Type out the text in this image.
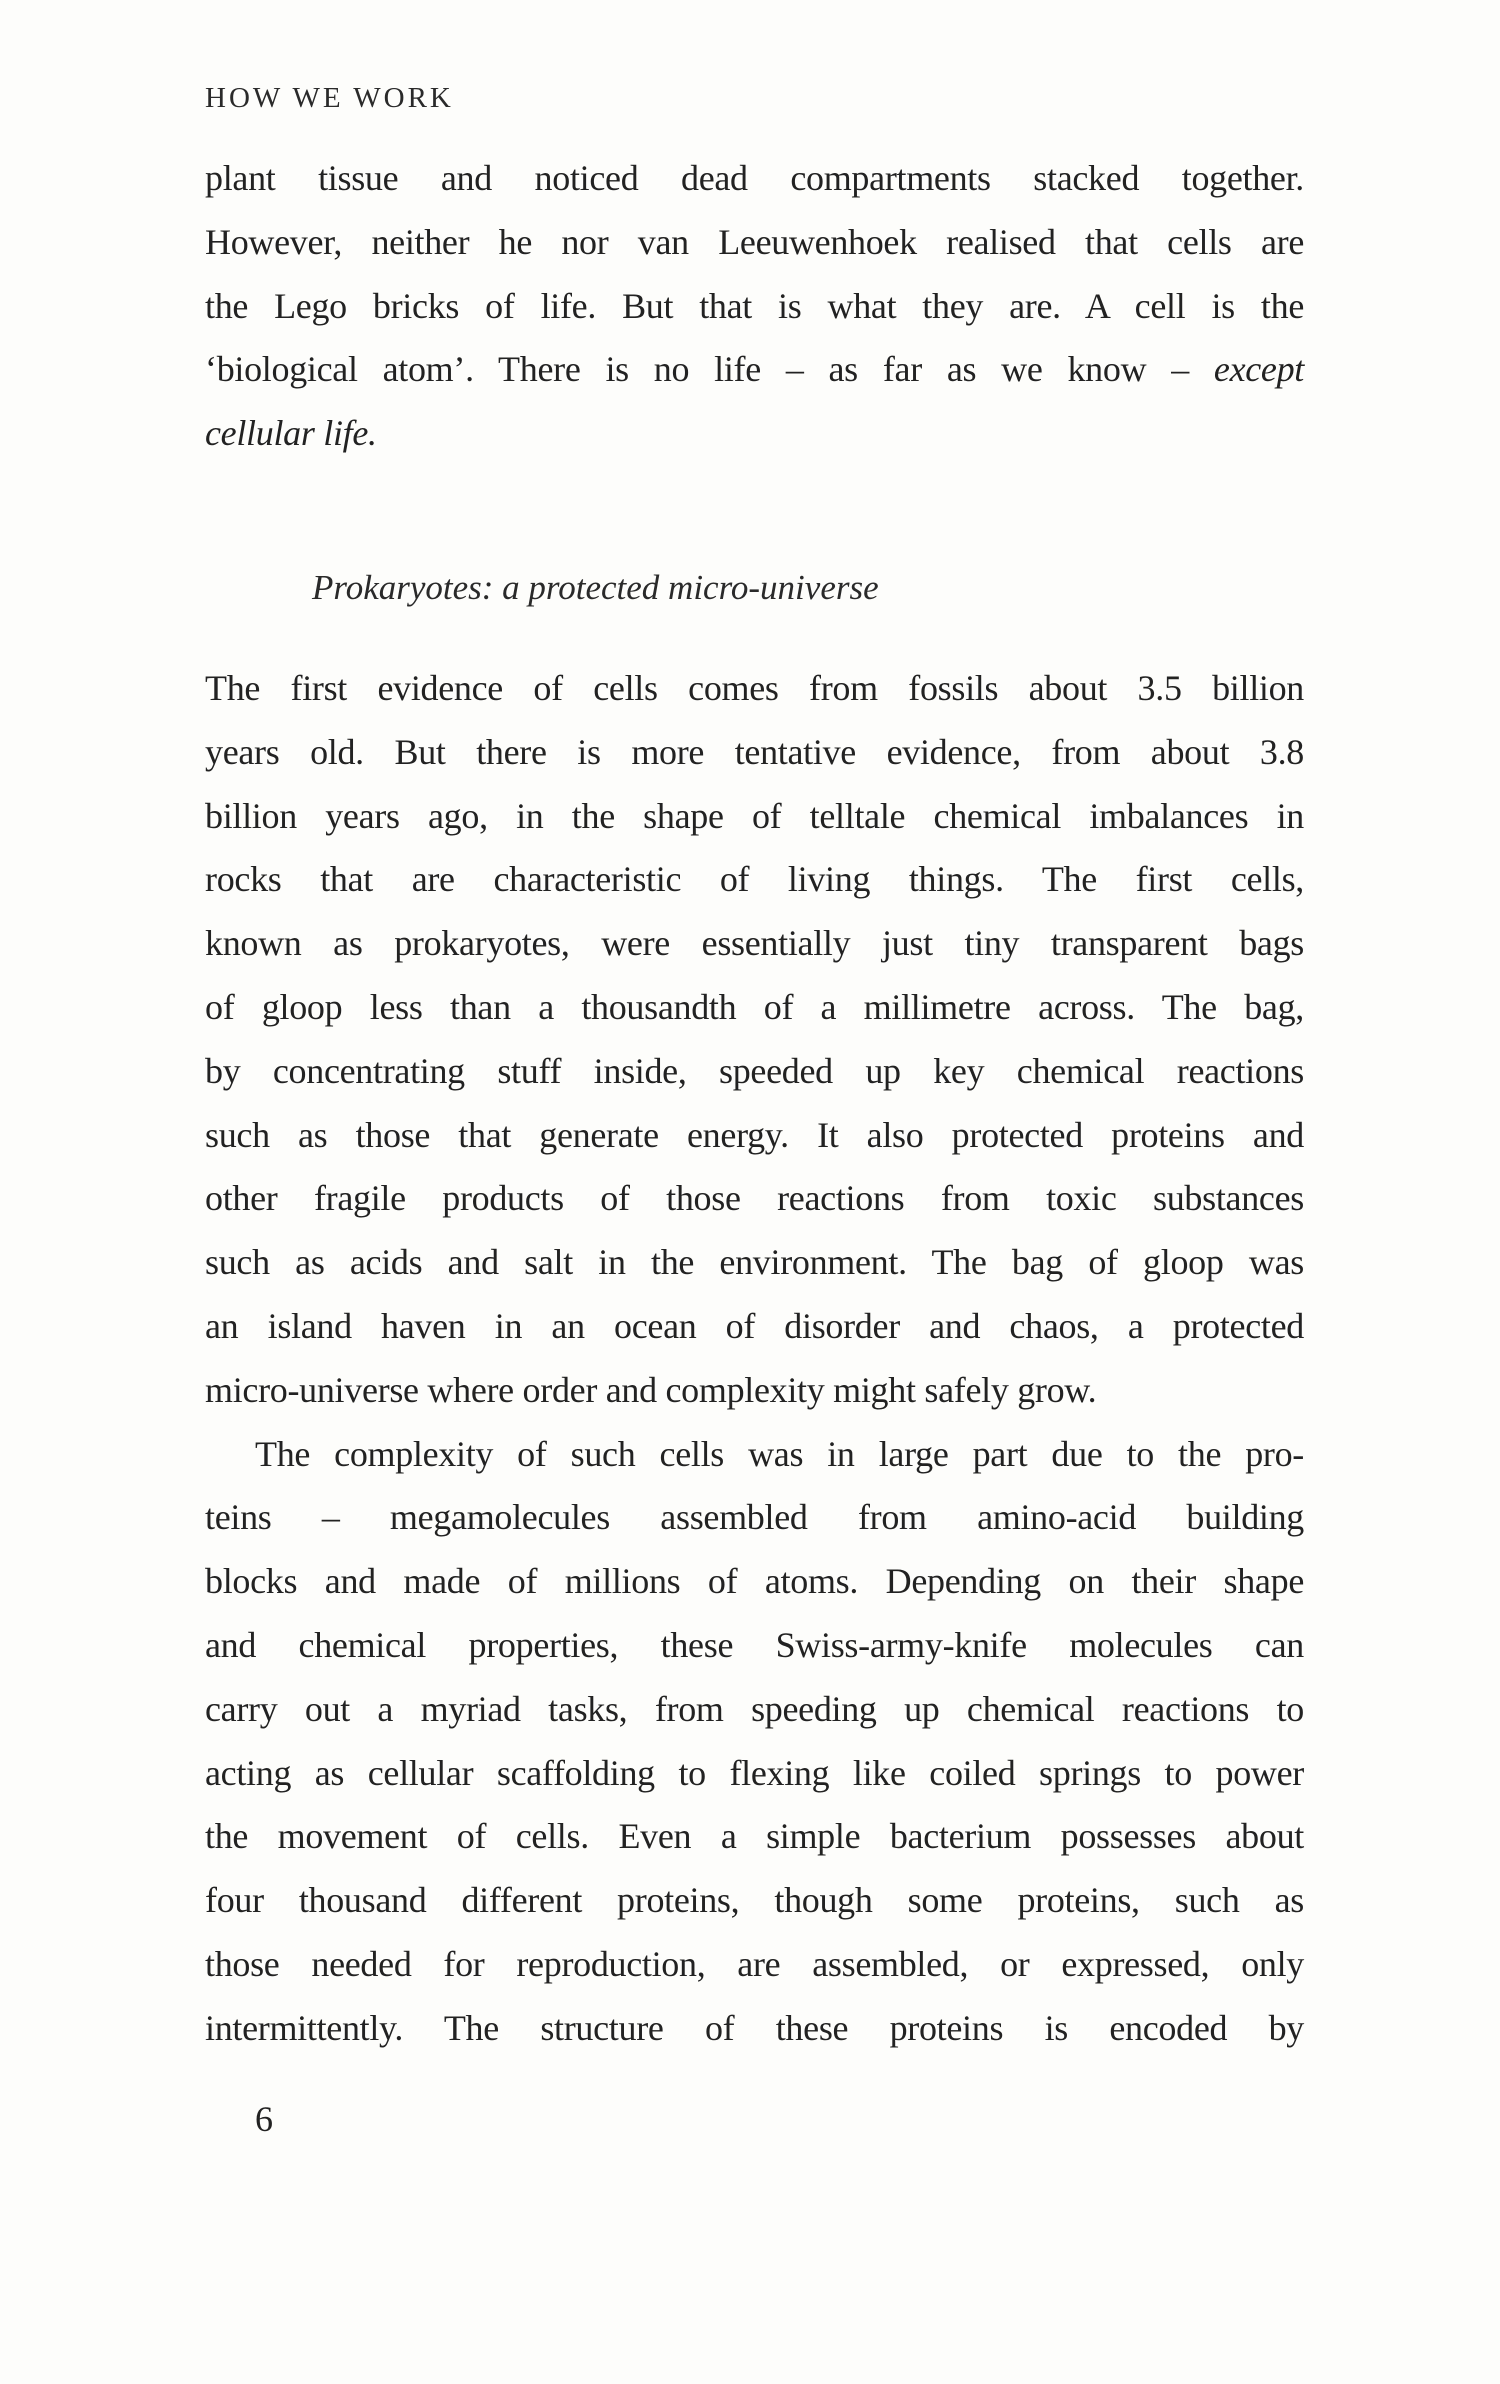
HOW WE WORK
plant tissue and noticed dead compartments stacked together.
However, neither he nor van Leeuwenhoek realised that cells are
the Lego bricks of life. But that is what they are. A cell is the
‘biological atom’. There is no life – as far as we know – except
cellular life.
Prokaryotes: a protected micro-universe
The first evidence of cells comes from fossils about 3.5 billion
years old. But there is more tentative evidence, from about 3.8
billion years ago, in the shape of telltale chemical imbalances in
rocks that are characteristic of living things. The first cells,
known as prokaryotes, were essentially just tiny transparent bags
of gloop less than a thousandth of a millimetre across. The bag,
by concentrating stuff inside, speeded up key chemical reactions
such as those that generate energy. It also protected proteins and
other fragile products of those reactions from toxic substances
such as acids and salt in the environment. The bag of gloop was
an island haven in an ocean of disorder and chaos, a protected
micro-universe where order and complexity might safely grow.
The complexity of such cells was in large part due to the pro-
teins – megamolecules assembled from amino-acid building
blocks and made of millions of atoms. Depending on their shape
and chemical properties, these Swiss-army-knife molecules can
carry out a myriad tasks, from speeding up chemical reactions to
acting as cellular scaffolding to flexing like coiled springs to power
the movement of cells. Even a simple bacterium possesses about
four thousand different proteins, though some proteins, such as
those needed for reproduction, are assembled, or expressed, only
intermittently. The structure of these proteins is encoded by
6
